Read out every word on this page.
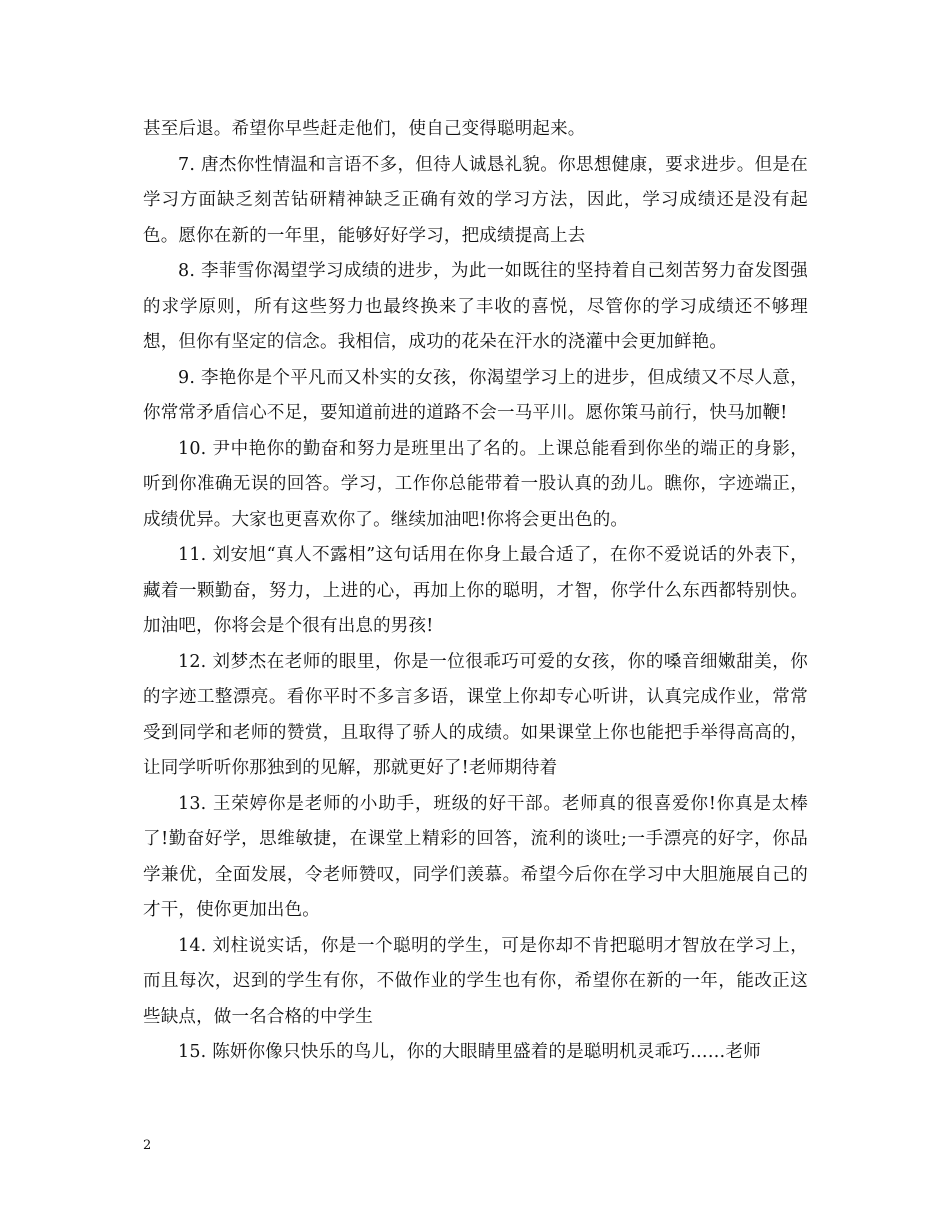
甚至后退。希望你早些赶走他们，使自己变得聪明起来。

7. 唐杰你性情温和言语不多，但待人诚恳礼貌。你思想健康，要求进步。但是在学习方面缺乏刻苦钻研精神缺乏正确有效的学习方法，因此，学习成绩还是没有起色。愿你在新的一年里，能够好好学习，把成绩提高上去

8. 李菲雪你渴望学习成绩的进步，为此一如既往的坚持着自己刻苦努力奋发图强的求学原则，所有这些努力也最终换来了丰收的喜悦，尽管你的学习成绩还不够理想，但你有坚定的信念。我相信，成功的花朵在汗水的浇灌中会更加鲜艳。

9. 李艳你是个平凡而又朴实的女孩，你渴望学习上的进步，但成绩又不尽人意，你常常矛盾信心不足，要知道前进的道路不会一马平川。愿你策马前行，快马加鞭!

10. 尹中艳你的勤奋和努力是班里出了名的。上课总能看到你坐的端正的身影，听到你准确无误的回答。学习，工作你总能带着一股认真的劲儿。瞧你，字迹端正，成绩优异。大家也更喜欢你了。继续加油吧!你将会更出色的。

11. 刘安旭“真人不露相”这句话用在你身上最合适了，在你不爱说话的外表下，藏着一颗勤奋，努力，上进的心，再加上你的聪明，才智，你学什么东西都特别快。加油吧，你将会是个很有出息的男孩!

12. 刘梦杰在老师的眼里，你是一位很乖巧可爱的女孩，你的嗓音细嫩甜美，你的字迹工整漂亮。看你平时不多言多语，课堂上你却专心听讲，认真完成作业，常常受到同学和老师的赞赏，且取得了骄人的成绩。如果课堂上你也能把手举得高高的，让同学听听你那独到的见解，那就更好了!老师期待着

13. 王荣婷你是老师的小助手，班级的好干部。老师真的很喜爱你!你真是太棒了!勤奋好学，思维敏捷，在课堂上精彩的回答，流利的谈吐;一手漂亮的好字，你品学兼优，全面发展，令老师赞叹，同学们羡慕。希望今后你在学习中大胆施展自己的才干，使你更加出色。

14. 刘柱说实话，你是一个聪明的学生，可是你却不肯把聪明才智放在学习上，而且每次，迟到的学生有你，不做作业的学生也有你，希望你在新的一年，能改正这些缺点，做一名合格的中学生

15. 陈妍你像只快乐的鸟儿，你的大眼睛里盛着的是聪明机灵乖巧……老师

2
